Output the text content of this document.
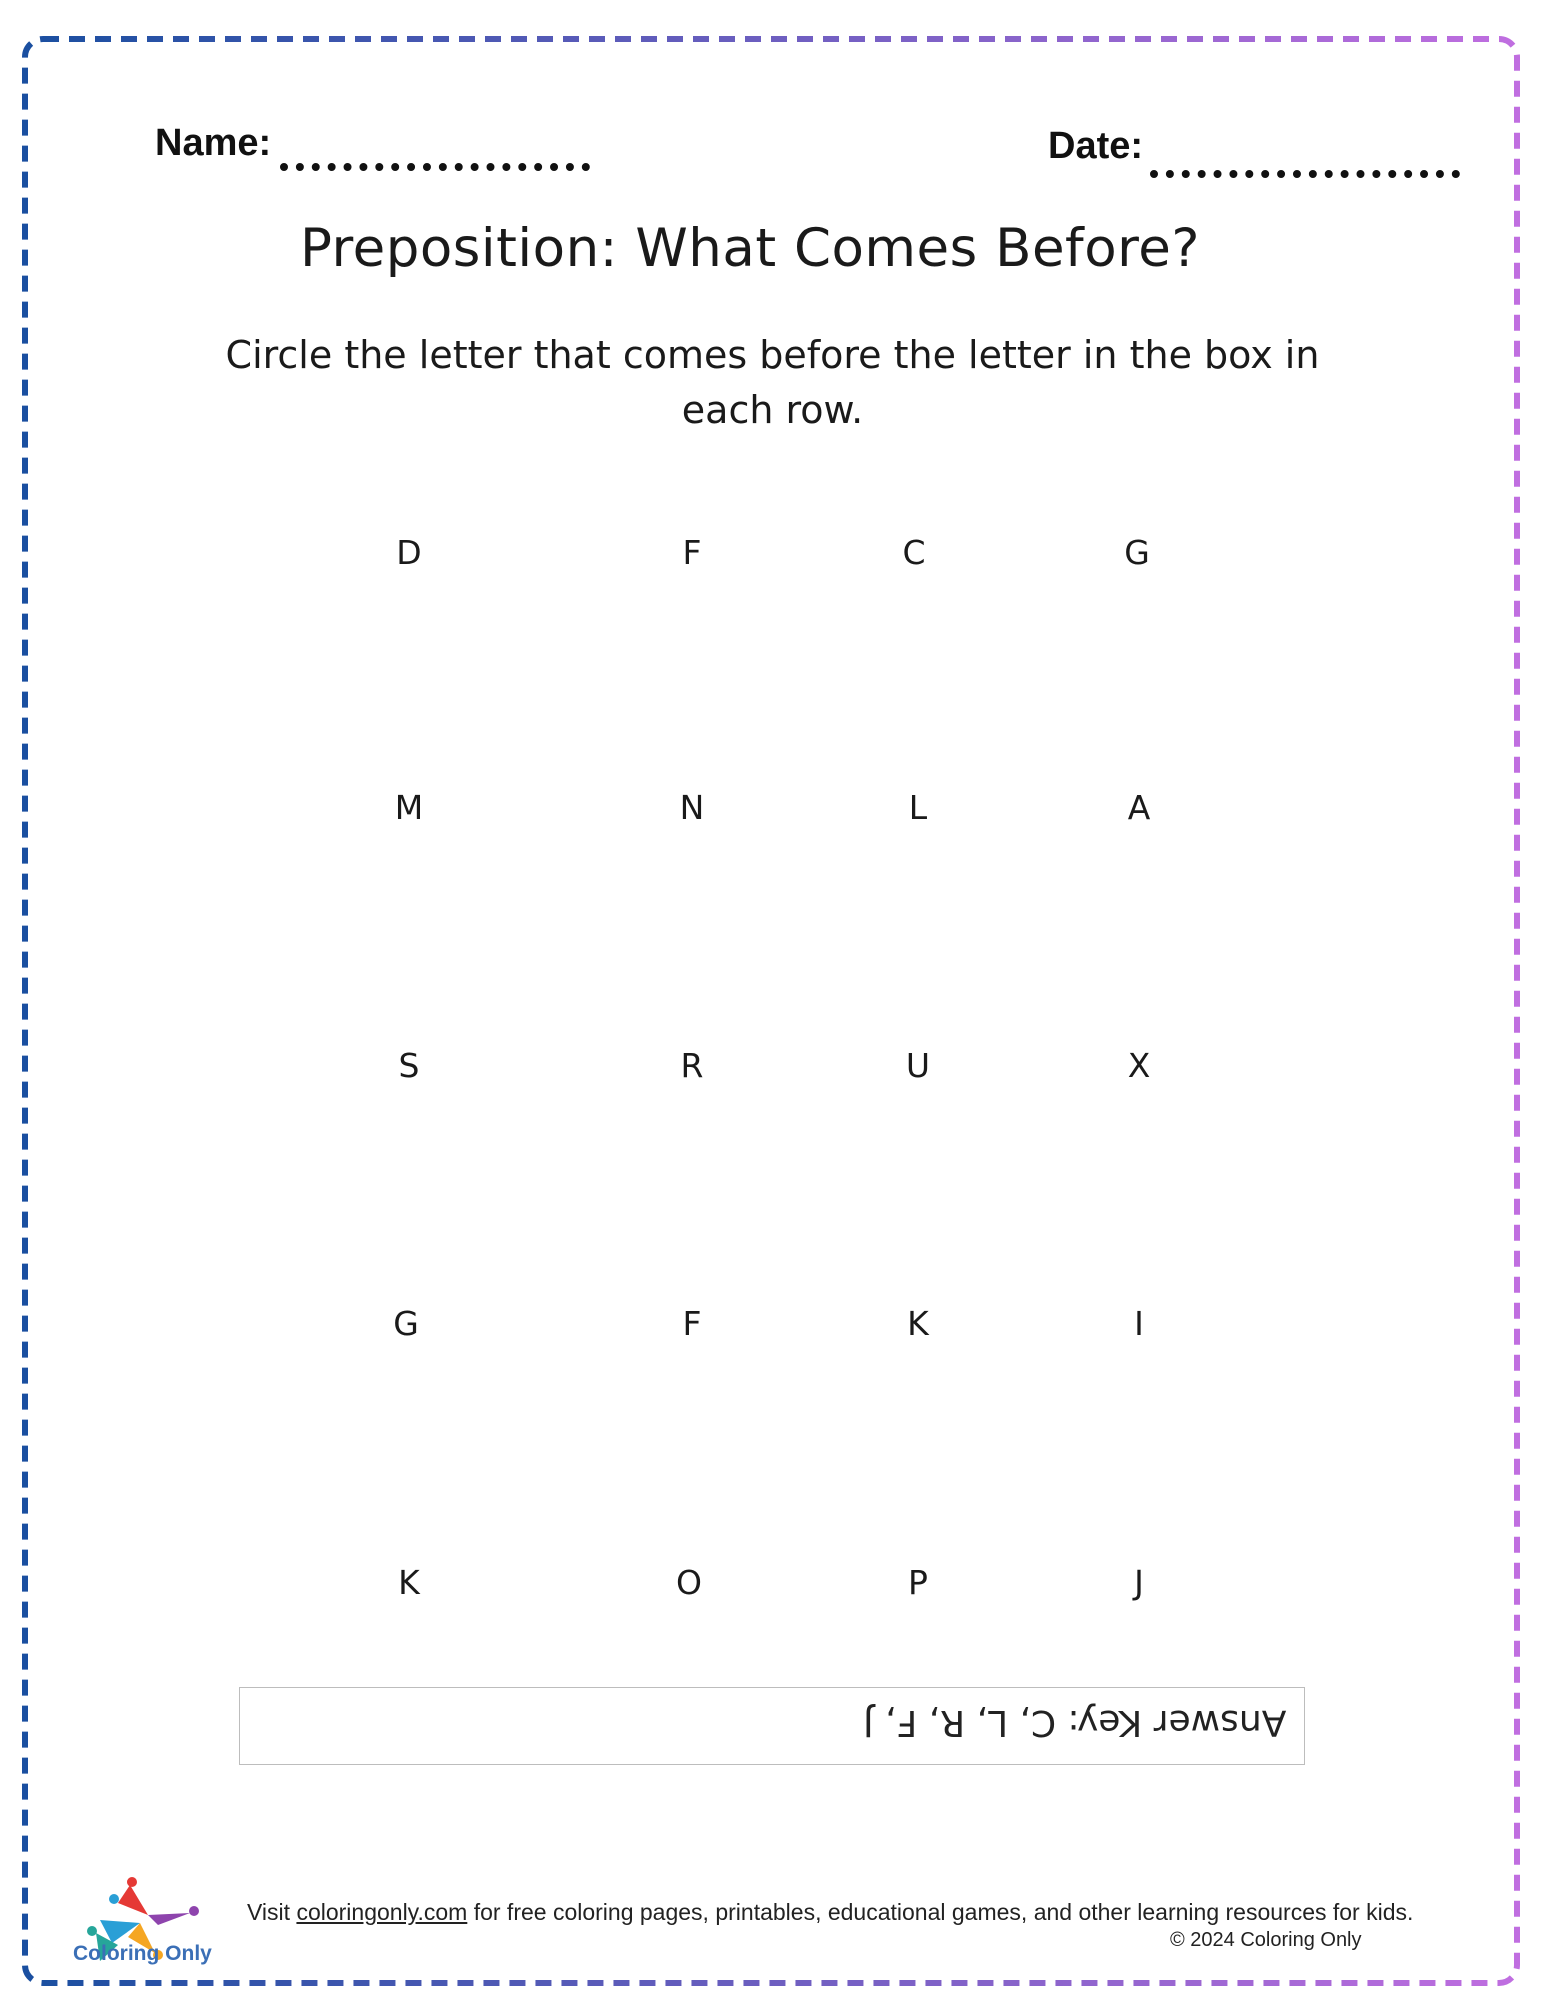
Name:	Date:
Preposition: What Comes Before?
Circle the letter that comes before the letter in the box in each row.
D	F	C	G
M	N	L	A
S	R	U	X
G	F	K	I
K	O	P	J
Answer Key: C, L, R, F, J
Coloring Only
Visit coloringonly.com for free coloring pages, printables, educational games, and other learning resources for kids.
© 2024 Coloring Only
